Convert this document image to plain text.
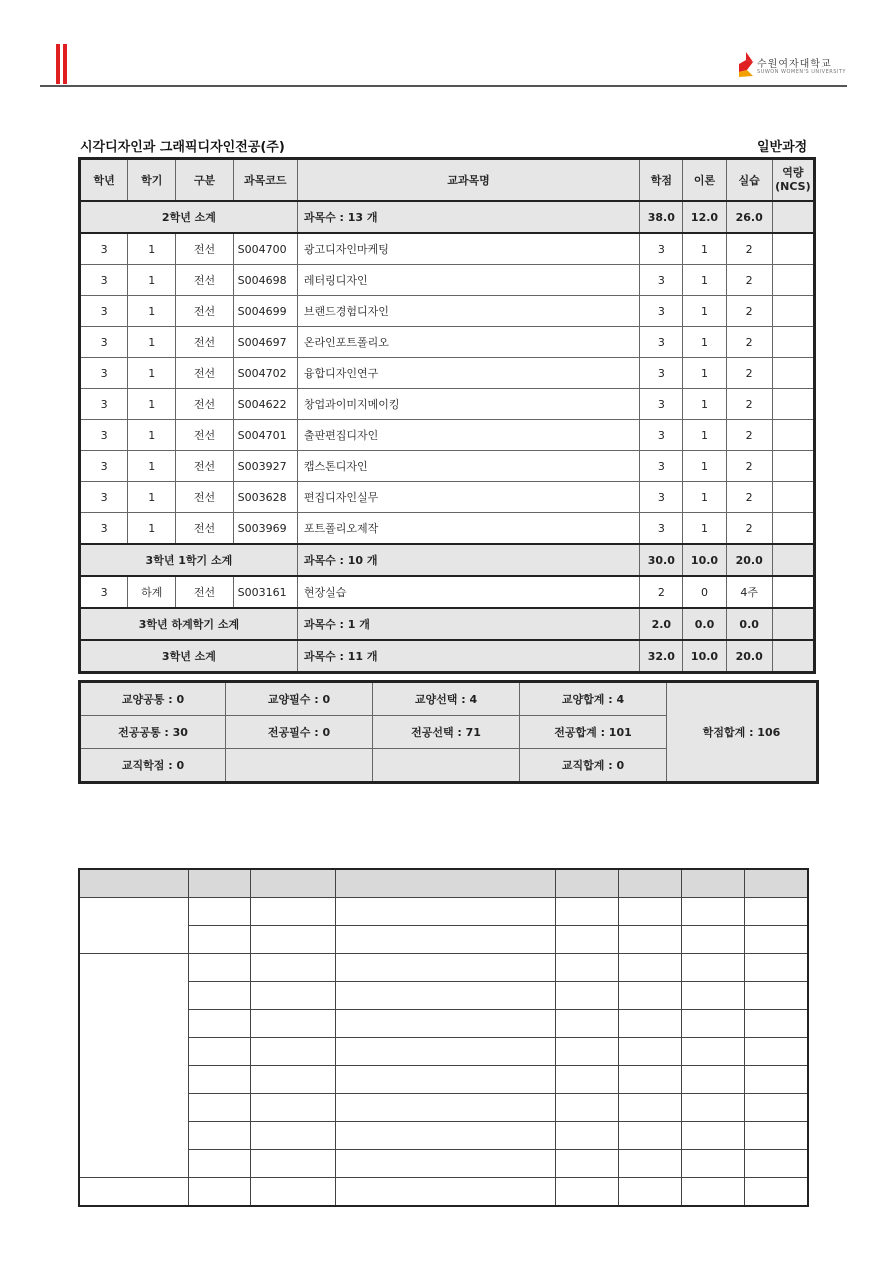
수원여자대학교
SUWON WOMEN'S UNIVERSITY
시각디자인과 그래픽디자인전공(주)	일반과정
학년	학기	구분	과목코드	교과목명	학점	이론	실습	역량
(NCS)
2학년 소계				과목수 : 13 개	38.0	12.0	26.0	
3	1	전선	S004700	광고디자인마케팅	3	1	2	
3	1	전선	S004698	레터링디자인	3	1	2	
3	1	전선	S004699	브랜드경험디자인	3	1	2	
3	1	전선	S004697	온라인포트폴리오	3	1	2	
3	1	전선	S004702	융합디자인연구	3	1	2	
3	1	전선	S004622	창업과이미지메이킹	3	1	2	
3	1	전선	S004701	출판편집디자인	3	1	2	
3	1	전선	S003927	캡스톤디자인	3	1	2	
3	1	전선	S003628	편집디자인실무	3	1	2	
3	1	전선	S003969	포트폴리오제작	3	1	2	
3학년 1학기 소계				과목수 : 10 개	30.0	10.0	20.0	
3	하계	전선	S003161	현장실습	2	0	4주	
3학년 하계학기 소계				과목수 : 1 개	2.0	0.0	0.0	
3학년 소계				과목수 : 11 개	32.0	10.0	20.0	
교양공통 : 0	교양필수 : 0	교양선택 : 4	교양합계 : 4	학점합계 : 106
전공공통 : 30	전공필수 : 0	전공선택 : 71	전공합계 : 101	
교직학점 : 0			교직합계 : 0	
